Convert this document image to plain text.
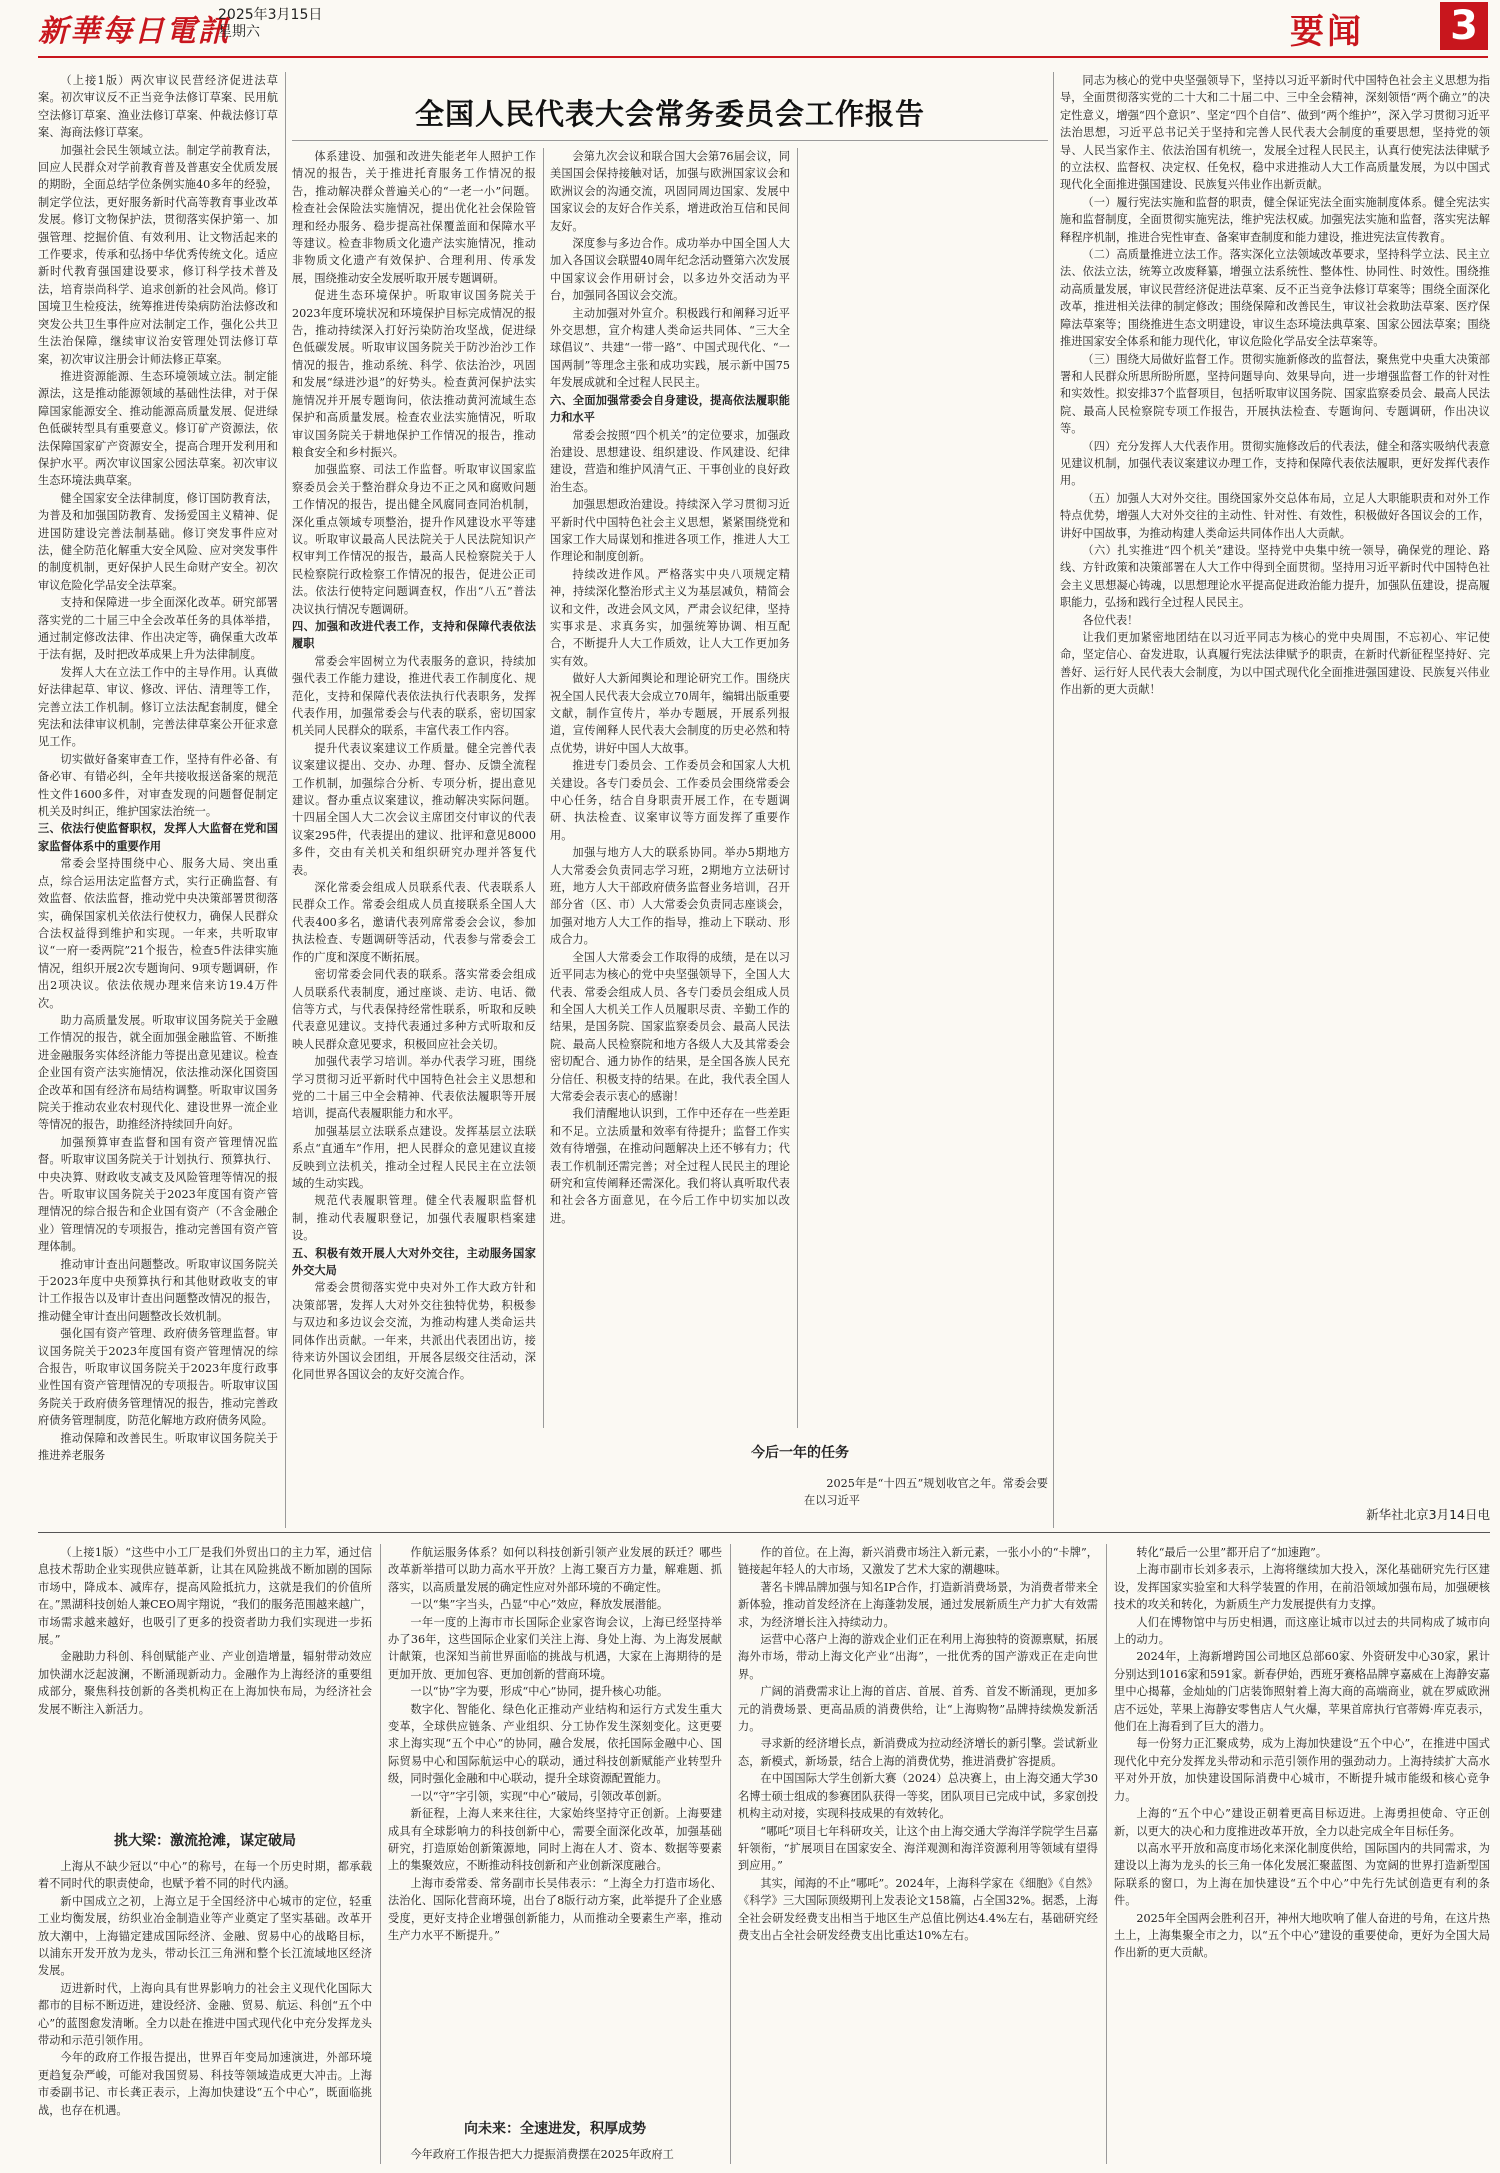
新華每日電訊
2025年3月15日
星期六	要闻 3

（上接1版）两次审议民营经济促进法草案。初次审议反不正当竞争法修订草案、民用航空法修订草案、渔业法修订草案、仲裁法修订草案、海商法修订草案。

加强社会民生领域立法。制定学前教育法，回应人民群众对学前教育普及普惠安全优质发展的期盼，全面总结学位条例实施40多年的经验，制定学位法，更好服务新时代高等教育事业改革发展。修订文物保护法，贯彻落实保护第一、加强管理、挖掘价值、有效利用、让文物活起来的工作要求，传承和弘扬中华优秀传统文化。适应新时代教育强国建设要求，修订科学技术普及法，培育崇尚科学、追求创新的社会风尚。修订国境卫生检疫法，统筹推进传染病防治法修改和突发公共卫生事件应对法制定工作，强化公共卫生法治保障，继续审议治安管理处罚法修订草案，初次审议注册会计师法修正草案。

推进资源能源、生态环境领域立法。制定能源法，这是推动能源领域的基础性法律，对于保障国家能源安全、推动能源高质量发展、促进绿色低碳转型具有重要意义。修订矿产资源法，依法保障国家矿产资源安全，提高合理开发利用和保护水平。两次审议国家公园法草案。初次审议生态环境法典草案。

健全国家安全法律制度，修订国防教育法，为普及和加强国防教育、发扬爱国主义精神、促进国防建设完善法制基础。修订突发事件应对法，健全防范化解重大安全风险、应对突发事件的制度机制，更好保护人民生命财产安全。初次审议危险化学品安全法草案。

支持和保障进一步全面深化改革。研究部署落实党的二十届三中全会改革任务的具体举措，通过制定修改法律、作出决定等，确保重大改革于法有据，及时把改革成果上升为法律制度。

发挥人大在立法工作中的主导作用。认真做好法律起草、审议、修改、评估、清理等工作，完善立法工作机制。修订立法法配套制度，健全宪法和法律审议机制，完善法律草案公开征求意见工作。

切实做好备案审查工作，坚持有件必备、有备必审、有错必纠，全年共接收报送备案的规范性文件1600多件，对审查发现的问题督促制定机关及时纠正，维护国家法治统一。

三、依法行使监督职权，发挥人大监督在党和国家监督体系中的重要作用

常委会坚持围绕中心、服务大局、突出重点，综合运用法定监督方式，实行正确监督、有效监督、依法监督，推动党中央决策部署贯彻落实，确保国家机关依法行使权力，确保人民群众合法权益得到维护和实现。一年来，共听取审议“一府一委两院”21个报告，检查5件法律实施情况，组织开展2次专题询问、9项专题调研，作出2项决议。依法依规办理来信来访19.4万件次。

助力高质量发展。听取审议国务院关于金融工作情况的报告，就全面加强金融监管、不断推进金融服务实体经济能力等提出意见建议。检查企业国有资产法实施情况，依法推动深化国资国企改革和国有经济布局结构调整。听取审议国务院关于推动农业农村现代化、建设世界一流企业等情况的报告，助推经济持续回升向好。

加强预算审查监督和国有资产管理情况监督。听取审议国务院关于计划执行、预算执行、中央决算、财政收支减支及风险管理等情况的报告。听取审议国务院关于2023年度国有资产管理情况的综合报告和企业国有资产（不含金融企业）管理情况的专项报告，推动完善国有资产管理体制。

推动审计查出问题整改。听取审议国务院关于2023年度中央预算执行和其他财政收支的审计工作报告以及审计查出问题整改情况的报告，推动健全审计查出问题整改长效机制。

强化国有资产管理、政府债务管理监督。审议国务院关于2023年度国有资产管理情况的综合报告，听取审议国务院关于2023年度行政事业性国有资产管理情况的专项报告。听取审议国务院关于政府债务管理情况的报告，推动完善政府债务管理制度，防范化解地方政府债务风险。

推动保障和改善民生。听取审议国务院关于推进养老服务

全国人民代表大会常务委员会工作报告

体系建设、加强和改进失能老年人照护工作情况的报告，关于推进托育服务工作情况的报告，推动解决群众普遍关心的“一老一小”问题。检查社会保险法实施情况，提出优化社会保险管理和经办服务、稳步提高社保覆盖面和保障水平等建议。检查非物质文化遗产法实施情况，推动非物质文化遗产有效保护、合理利用、传承发展，围绕推动安全发展听取开展专题调研。

促进生态环境保护。听取审议国务院关于2023年度环境状况和环境保护目标完成情况的报告，推动持续深入打好污染防治攻坚战，促进绿色低碳发展。听取审议国务院关于防沙治沙工作情况的报告，推动系统、科学、依法治沙，巩固和发展“绿进沙退”的好势头。检查黄河保护法实施情况并开展专题询问，依法推动黄河流域生态保护和高质量发展。检查农业法实施情况，听取审议国务院关于耕地保护工作情况的报告，推动粮食安全和乡村振兴。

加强监察、司法工作监督。听取审议国家监察委员会关于整治群众身边不正之风和腐败问题工作情况的报告，提出健全风腐同查同治机制，深化重点领域专项整治，提升作风建设水平等建议。听取审议最高人民法院关于人民法院知识产权审判工作情况的报告，最高人民检察院关于人民检察院行政检察工作情况的报告，促进公正司法。依法行使特定问题调查权，作出“八五”普法决议执行情况专题调研。

四、加强和改进代表工作，支持和保障代表依法履职

常委会牢固树立为代表服务的意识，持续加强代表工作能力建设，推进代表工作制度化、规范化，支持和保障代表依法执行代表职务，发挥代表作用，加强常委会与代表的联系，密切国家机关同人民群众的联系，丰富代表工作内容。

提升代表议案建议工作质量。健全完善代表议案建议提出、交办、办理、督办、反馈全流程工作机制，加强综合分析、专项分析，提出意见建议。督办重点议案建议，推动解决实际问题。十四届全国人大二次会议主席团交付审议的代表议案295件，代表提出的建议、批评和意见8000多件，交由有关机关和组织研究办理并答复代表。

深化常委会组成人员联系代表、代表联系人民群众工作。常委会组成人员直接联系全国人大代表400多名，邀请代表列席常委会会议，参加执法检查、专题调研等活动，代表参与常委会工作的广度和深度不断拓展。

密切常委会同代表的联系。落实常委会组成人员联系代表制度，通过座谈、走访、电话、微信等方式，与代表保持经常性联系，听取和反映代表意见建议。支持代表通过多种方式听取和反映人民群众意见要求，积极回应社会关切。

加强代表学习培训。举办代表学习班，围绕学习贯彻习近平新时代中国特色社会主义思想和党的二十届三中全会精神、代表依法履职等开展培训，提高代表履职能力和水平。

加强基层立法联系点建设。发挥基层立法联系点“直通车”作用，把人民群众的意见建议直接反映到立法机关，推动全过程人民民主在立法领域的生动实践。

规范代表履职管理。健全代表履职监督机制，推动代表履职登记，加强代表履职档案建设。

五、积极有效开展人大对外交往，主动服务国家外交大局

常委会贯彻落实党中央对外工作大政方针和决策部署，发挥人大对外交往独特优势，积极参与双边和多边议会交流，为推动构建人类命运共同体作出贡献。一年来，共派出代表团出访，接待来访外国议会团组，开展各层级交往活动，深化同世界各国议会的友好交流合作。

会第九次会议和联合国大会第76届会议，同美国国会保持接触对话，加强与欧洲国家议会和欧洲议会的沟通交流，巩固同周边国家、发展中国家议会的友好合作关系，增进政治互信和民间友好。

深度参与多边合作。成功举办中国全国人大加入各国议会联盟40周年纪念活动暨第六次发展中国家议会作用研讨会，以多边外交活动为平台，加强同各国议会交流。

主动加强对外宣介。积极践行和阐释习近平外交思想，宣介构建人类命运共同体、“三大全球倡议”、共建“一带一路”、中国式现代化、“一国两制”等理念主张和成功实践，展示新中国75年发展成就和全过程人民民主。

六、全面加强常委会自身建设，提高依法履职能力和水平

常委会按照“四个机关”的定位要求，加强政治建设、思想建设、组织建设、作风建设、纪律建设，营造和维护风清气正、干事创业的良好政治生态。

加强思想政治建设。持续深入学习贯彻习近平新时代中国特色社会主义思想，紧紧围绕党和国家工作大局谋划和推进各项工作，推进人大工作理论和制度创新。

持续改进作风。严格落实中央八项规定精神，持续深化整治形式主义为基层减负，精简会议和文件，改进会风文风，严肃会议纪律，坚持实事求是、求真务实，加强统筹协调、相互配合，不断提升人大工作质效，让人大工作更加务实有效。

做好人大新闻舆论和理论研究工作。围绕庆祝全国人民代表大会成立70周年，编辑出版重要文献，制作宣传片，举办专题展，开展系列报道，宣传阐释人民代表大会制度的历史必然和特点优势，讲好中国人大故事。

推进专门委员会、工作委员会和国家人大机关建设。各专门委员会、工作委员会围绕常委会中心任务，结合自身职责开展工作，在专题调研、执法检查、议案审议等方面发挥了重要作用。

加强与地方人大的联系协同。举办5期地方人大常委会负责同志学习班，2期地方立法研讨班，地方人大干部政府债务监督业务培训，召开部分省（区、市）人大常委会负责同志座谈会，加强对地方人大工作的指导，推动上下联动、形成合力。

全国人大常委会工作取得的成绩，是在以习近平同志为核心的党中央坚强领导下，全国人大代表、常委会组成人员、各专门委员会组成人员和全国人大机关工作人员履职尽责、辛勤工作的结果，是国务院、国家监察委员会、最高人民法院、最高人民检察院和地方各级人大及其常委会密切配合、通力协作的结果，是全国各族人民充分信任、积极支持的结果。在此，我代表全国人大常委会表示衷心的感谢！

我们清醒地认识到，工作中还存在一些差距和不足。立法质量和效率有待提升；监督工作实效有待增强，在推动问题解决上还不够有力；代表工作机制还需完善；对全过程人民民主的理论研究和宣传阐释还需深化。我们将认真听取代表和社会各方面意见，在今后工作中切实加以改进。

今后一年的任务

2025年是“十四五”规划收官之年。常委会要在以习近平

同志为核心的党中央坚强领导下，坚持以习近平新时代中国特色社会主义思想为指导，全面贯彻落实党的二十大和二十届二中、三中全会精神，深刻领悟“两个确立”的决定性意义，增强“四个意识”、坚定“四个自信”、做到“两个维护”，深入学习贯彻习近平法治思想，习近平总书记关于坚持和完善人民代表大会制度的重要思想，坚持党的领导、人民当家作主、依法治国有机统一，发展全过程人民民主，认真行使宪法法律赋予的立法权、监督权、决定权、任免权，稳中求进推动人大工作高质量发展，为以中国式现代化全面推进强国建设、民族复兴伟业作出新贡献。

（一）履行宪法实施和监督的职责，健全保证宪法全面实施制度体系。健全宪法实施和监督制度，全面贯彻实施宪法，维护宪法权威。加强宪法实施和监督，落实宪法解释程序机制，推进合宪性审查、备案审查制度和能力建设，推进宪法宣传教育。

（二）高质量推进立法工作。落实深化立法领域改革要求，坚持科学立法、民主立法、依法立法，统筹立改废释纂，增强立法系统性、整体性、协同性、时效性。围绕推动高质量发展，审议民营经济促进法草案、反不正当竞争法修订草案等；围绕全面深化改革，推进相关法律的制定修改；围绕保障和改善民生，审议社会救助法草案、医疗保障法草案等；围绕推进生态文明建设，审议生态环境法典草案、国家公园法草案；围绕推进国家安全体系和能力现代化，审议危险化学品安全法草案等。

（三）围绕大局做好监督工作。贯彻实施新修改的监督法，聚焦党中央重大决策部署和人民群众所思所盼所愿，坚持问题导向、效果导向，进一步增强监督工作的针对性和实效性。拟安排37个监督项目，包括听取审议国务院、国家监察委员会、最高人民法院、最高人民检察院专项工作报告，开展执法检查、专题询问、专题调研，作出决议等。

（四）充分发挥人大代表作用。贯彻实施修改后的代表法，健全和落实吸纳代表意见建议机制，加强代表议案建议办理工作，支持和保障代表依法履职，更好发挥代表作用。

（五）加强人大对外交往。围绕国家外交总体布局，立足人大职能职责和对外工作特点优势，增强人大对外交往的主动性、针对性、有效性，积极做好各国议会的工作，讲好中国故事，为推动构建人类命运共同体作出人大贡献。

（六）扎实推进“四个机关”建设。坚持党中央集中统一领导，确保党的理论、路线、方针政策和决策部署在人大工作中得到全面贯彻。坚持用习近平新时代中国特色社会主义思想凝心铸魂，以思想理论水平提高促进政治能力提升，加强队伍建设，提高履职能力，弘扬和践行全过程人民民主。

各位代表！

让我们更加紧密地团结在以习近平同志为核心的党中央周围，不忘初心、牢记使命，坚定信心、奋发进取，认真履行宪法法律赋予的职责，在新时代新征程坚持好、完善好、运行好人民代表大会制度，为以中国式现代化全面推进强国建设、民族复兴伟业作出新的更大贡献！

新华社北京3月14日电

（上接1版）“这些中小工厂是我们外贸出口的主力军，通过信息技术帮助企业实现供应链革新，让其在风险挑战不断加剧的国际市场中，降成本、减库存，提高风险抵抗力，这就是我们的价值所在。”黑湖科技创始人兼CEO周宇翔说，“我们的服务范围越来越广，市场需求越来越好，也吸引了更多的投资者助力我们实现进一步拓展。”

金融助力科创、科创赋能产业、产业创造增量，辐射带动效应加快湖水泛起波澜，不断涌现新动力。金融作为上海经济的重要组成部分，聚焦科技创新的各类机构正在上海加快布局，为经济社会发展不断注入新活力。

挑大梁：激流抢滩，谋定破局

上海从不缺少冠以“中心”的称号，在每一个历史时期，都承载着不同时代的职责使命，也赋予着不同的时代内涵。

新中国成立之初，上海立足于全国经济中心城市的定位，轻重工业均衡发展，纺织业冶金制造业等产业奠定了坚实基础。改革开放大潮中，上海锚定建成国际经济、金融、贸易中心的战略目标，以浦东开发开放为龙头，带动长江三角洲和整个长江流域地区经济发展。

迈进新时代，上海向具有世界影响力的社会主义现代化国际大都市的目标不断迈进，建设经济、金融、贸易、航运、科创“五个中心”的蓝图愈发清晰。全力以赴在推进中国式现代化中充分发挥龙头带动和示范引领作用。

今年的政府工作报告提出，世界百年变局加速演进，外部环境更趋复杂严峻，可能对我国贸易、科技等领域造成更大冲击。上海市委副书记、市长龚正表示，上海加快建设“五个中心”，既面临挑战，也存在机遇。

作航运服务体系？如何以科技创新引领产业发展的跃迁？哪些改革新举措可以助力高水平开放？上海工聚百方力量，解难题、抓落实，以高质量发展的确定性应对外部环境的不确定性。

一以“集”字当头，凸显“中心”效应，释放发展潜能。

一年一度的上海市市长国际企业家咨询会议，上海已经坚持举办了36年，这些国际企业家们关注上海、身处上海、为上海发展献计献策，也深知当前世界面临的挑战与机遇，大家在上海期待的是更加开放、更加包容、更加创新的营商环境。

一以“协”字为要，形成“中心”协同，提升核心功能。

数字化、智能化、绿色化正推动产业结构和运行方式发生重大变革，全球供应链条、产业组织、分工协作发生深刻变化。这更要求上海实现“五个中心”的协同，融合发展，依托国际金融中心、国际贸易中心和国际航运中心的联动，通过科技创新赋能产业转型升级，同时强化金融和中心联动，提升全球资源配置能力。

一以“守”字引领，实现“中心”破局，引领改革创新。

新征程，上海人来来往往，大家始终坚持守正创新。上海要建成具有全球影响力的科技创新中心，需要全面深化改革，加强基础研究，打造原始创新策源地，同时上海在人才、资本、数据等要素上的集聚效应，不断推动科技创新和产业创新深度融合。

上海市委常委、常务副市长吴伟表示：“上海全力打造市场化、法治化、国际化营商环境，出台了8版行动方案，此举提升了企业感受度，更好支持企业增强创新能力，从而推动全要素生产率，推动生产力水平不断提升。”

向未来：全速进发，积厚成势

今年政府工作报告把大力提振消费摆在2025年政府工

作的首位。在上海，新兴消费市场注入新元素，一张小小的“卡牌”，链接起年轻人的大市场，又激发了艺术大家的潮趣味。

著名卡牌品牌加强与知名IP合作，打造新消费场景，为消费者带来全新体验，推动首发经济在上海蓬勃发展，通过发展新质生产力扩大有效需求，为经济增长注入持续动力。

运营中心落户上海的游戏企业们正在利用上海独特的资源禀赋，拓展海外市场，带动上海文化产业“出海”，一批优秀的国产游戏正在走向世界。

广阔的消费需求让上海的首店、首展、首秀、首发不断涌现，更加多元的消费场景、更高品质的消费供给，让“上海购物”品牌持续焕发新活力。

寻求新的经济增长点，新消费成为拉动经济增长的新引擎。尝试新业态，新模式，新场景，结合上海的消费优势，推进消费扩容提质。

在中国国际大学生创新大赛（2024）总决赛上，由上海交通大学30名博士硕士组成的参赛团队获得一等奖，团队项目已完成中试，多家创投机构主动对接，实现科技成果的有效转化。

“哪吒”项目七年科研攻关，让这个由上海交通大学海洋学院学生吕嘉轩领衔，“扩展项目在国家安全、海洋观测和海洋资源利用等领域有望得到应用。”

其实，闻海的不止“哪吒”。2024年，上海科学家在《细胞》《自然》《科学》三大国际顶级期刊上发表论文158篇，占全国32%。据悉，上海全社会研发经费支出相当于地区生产总值比例达4.4%左右，基础研究经费支出占全社会研发经费支出比重达10%左右。

转化“最后一公里”都开启了“加速跑”。

上海市副市长刘多表示，上海将继续加大投入，深化基础研究先行区建设，发挥国家实验室和大科学装置的作用，在前沿领域加强布局，加强硬核技术的攻关和转化，为新质生产力发展提供有力支撑。

人们在博物馆中与历史相遇，而这座让城市以过去的共同构成了城市向上的动力。

2024年，上海新增跨国公司地区总部60家、外资研发中心30家，累计分别达到1016家和591家。新春伊始，西班牙赛格品牌亨嘉威在上海静安嘉里中心揭幕，金灿灿的门店装饰照射着上海大商的高端商业，就在罗威欧洲店不远处，苹果上海静安零售店人气火爆，苹果首席执行官蒂姆·库克表示，他们在上海看到了巨大的潜力。

每一份努力正汇聚成势，成为上海加快建设“五个中心”，在推进中国式现代化中充分发挥龙头带动和示范引领作用的强劲动力。上海持续扩大高水平对外开放，加快建设国际消费中心城市，不断提升城市能级和核心竞争力。

上海的“五个中心”建设正朝着更高目标迈进。上海勇担使命、守正创新，以更大的决心和力度推进改革开放，全力以赴完成全年目标任务。

以高水平开放和高度市场化来深化制度供给，国际国内的共同需求，为建设以上海为龙头的长三角一体化发展汇聚蓝图、为宽阔的世界打造新型国际联系的窗口，为上海在加快建设“五个中心”中先行先试创造更有利的条件。

2025年全国两会胜利召开，神州大地吹响了催人奋进的号角，在这片热土上，上海集聚全市之力，以“五个中心”建设的重要使命，更好为全国大局作出新的更大贡献。
